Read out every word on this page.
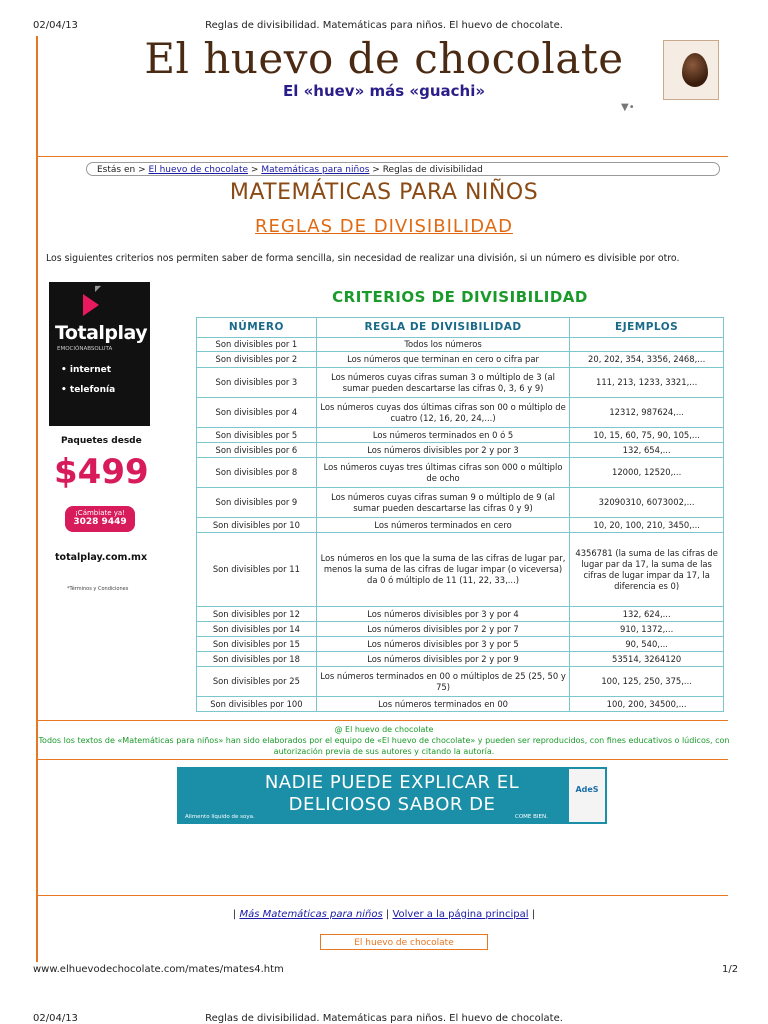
02/04/13	Reglas de divisibilidad. Matemáticas para niños. El huevo de chocolate.
El huevo de chocolate
El «huev» más «guachi»
▼•
Estás en > El huevo de chocolate > Matemáticas para niños > Reglas de divisibilidad
MATEMÁTICAS PARA NIÑOS
REGLAS DE DIVISIBILIDAD
Los siguientes criterios nos permiten saber de forma sencilla, sin necesidad de realizar una división, si un número es divisible por otro.
◤
Totalplay
EMOCIÓNABSOLUTA
• internet
• telefonía
Paquetes desde
$499
¡Cámbiate ya!
3028 9449
totalplay.com.mx
*Términos y Condiciones
CRITERIOS DE DIVISIBILIDAD
NÚMERO	REGLA DE DIVISIBILIDAD	EJEMPLOS
Son divisibles por 1	Todos los números	
Son divisibles por 2	Los números que terminan en cero o cifra par	20, 202, 354, 3356, 2468,...
Son divisibles por 3	Los números cuyas cifras suman 3 o múltiplo de 3 (al sumar pueden descartarse las cifras 0, 3, 6 y 9)	111, 213, 1233, 3321,...
Son divisibles por 4	Los números cuyas dos últimas cifras son 00 o múltiplo de cuatro (12, 16, 20, 24,...)	12312, 987624,...
Son divisibles por 5	Los números terminados en 0 ó 5	10, 15, 60, 75, 90, 105,...
Son divisibles por 6	Los números divisibles por 2 y por 3	132, 654,...
Son divisibles por 8	Los números cuyas tres últimas cifras son 000 o múltiplo de ocho	12000, 12520,...
Son divisibles por 9	Los números cuyas cifras suman 9 o múltiplo de 9 (al sumar pueden descartarse las cifras 0 y 9)	32090310, 6073002,...
Son divisibles por 10	Los números terminados en cero	10, 20, 100, 210, 3450,...
Son divisibles por 11	Los números en los que la suma de las cifras de lugar par, menos la suma de las cifras de lugar impar (o viceversa) da 0 ó múltiplo de 11 (11, 22, 33,...)	4356781 (la suma de las cifras de lugar par da 17, la suma de las cifras de lugar impar da 17, la diferencia es 0)
Son divisibles por 12	Los números divisibles por 3 y por 4	132, 624,...
Son divisibles por 14	Los números divisibles por 2 y por 7	910, 1372,...
Son divisibles por 15	Los números divisibles por 3 y por 5	90, 540,...
Son divisibles por 18	Los números divisibles por 2 y por 9	53514, 3264120
Son divisibles por 25	Los números terminados en 00 o múltiplos de 25 (25, 50 y 75)	100, 125, 250, 375,...
Son divisibles por 100	Los números terminados en 00	100, 200, 34500,...
@ El huevo de chocolate
Todos los textos de «Matemáticas para niños» han sido elaborados por el equipo de «El huevo de chocolate» y pueden ser reproducidos, con fines educativos o lúdicos, con autorización previa de sus autores y citando la autoría.
NADIE PUEDE EXPLICAR EL
DELICIOSO SABOR DE
Alimento líquido de soya.	COME BIEN.
AdeS
| Más Matemáticas para niños | Volver a la página principal |
El huevo de chocolate
www.elhuevodechocolate.com/mates/mates4.htm	1/2
02/04/13	Reglas de divisibilidad. Matemáticas para niños. El huevo de chocolate.
